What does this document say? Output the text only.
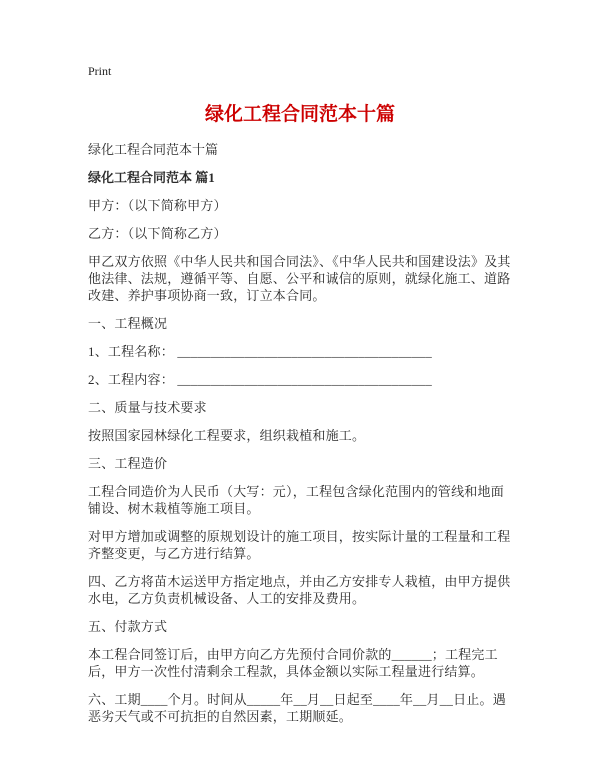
Print
绿化工程合同范本十篇

绿化工程合同范本十篇

绿化工程合同范本 篇1

甲方：（以下简称甲方）

乙方：（以下简称乙方）

甲乙双方依照《中华人民共和国合同法》、《中华人民共和国建设法》及其他法律、法规，遵循平等、自愿、公平和诚信的原则，就绿化施工、道路改建、养护事项协商一致，订立本合同。

一、工程概况

1、工程名称： ______________________________________

2、工程内容： ______________________________________

二、质量与技术要求

按照国家园林绿化工程要求，组织栽植和施工。

三、工程造价

工程合同造价为人民币（大写：元），工程包含绿化范围内的管线和地面铺设、树木栽植等施工项目。

对甲方增加或调整的原规划设计的施工项目，按实际计量的工程量和工程齐整变更，与乙方进行结算。

四、乙方将苗木运送甲方指定地点，并由乙方安排专人栽植，由甲方提供水电，乙方负责机械设备、人工的安排及费用。

五、付款方式

本工程合同签订后，由甲方向乙方先预付合同价款的______；工程完工后，甲方一次性付清剩余工程款，具体金额以实际工程量进行结算。

六、工期____个月。时间从_____年__月__日起至____年__月__日止。遇恶劣天气或不可抗拒的自然因素，工期顺延。
